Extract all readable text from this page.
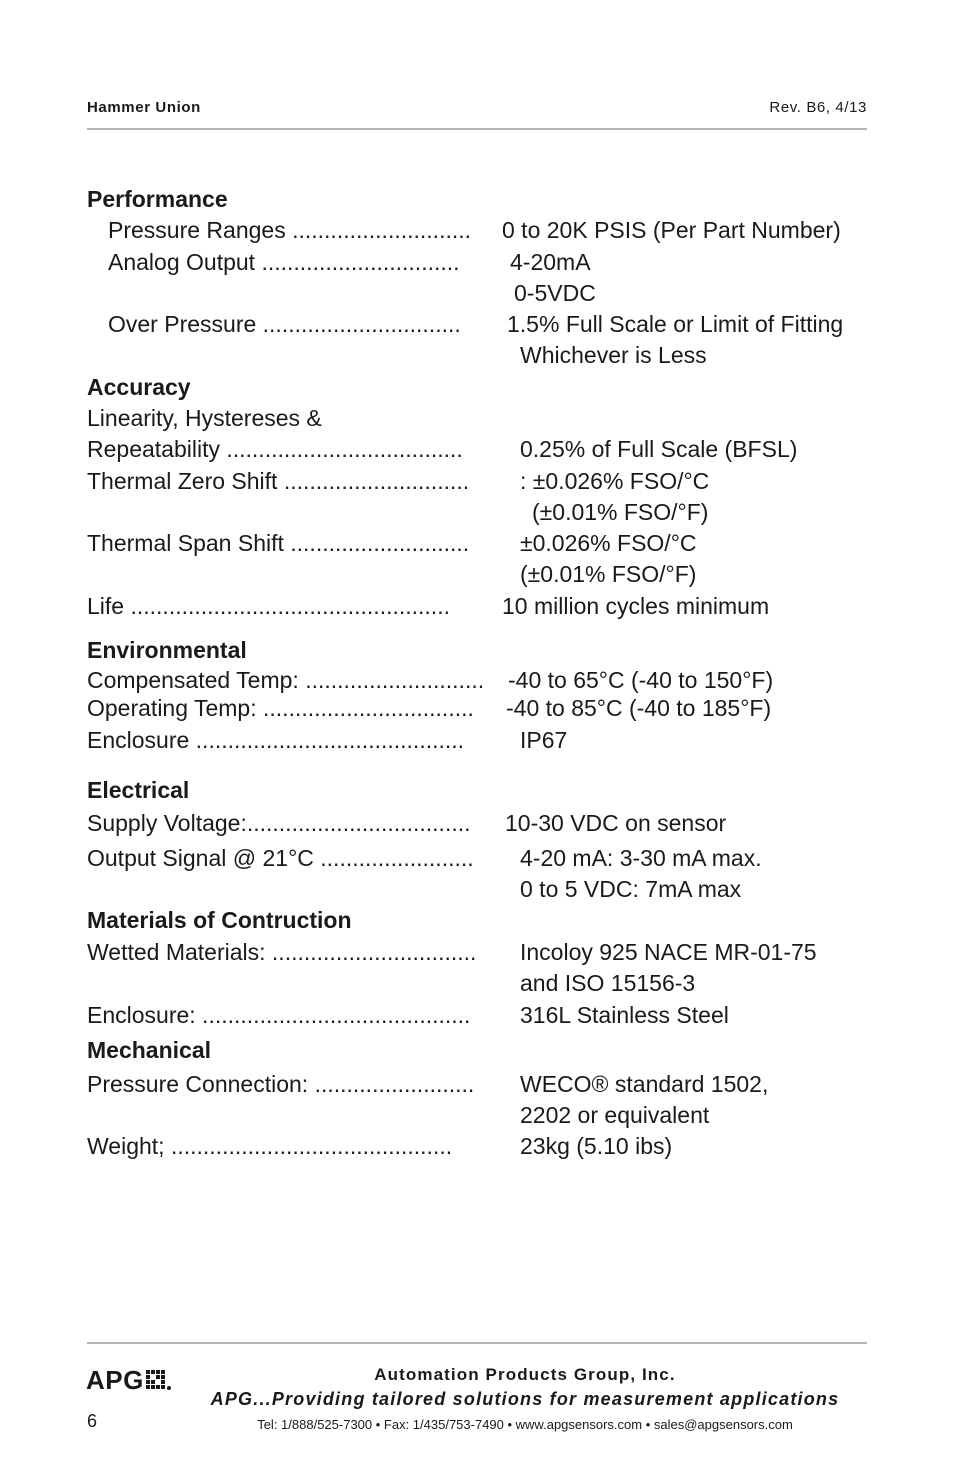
Hammer Union	Rev. B6, 4/13
Performance
Pressure Ranges ............................ 0 to 20K PSIS (Per Part Number)
Analog Output ............................... 4-20mA
0-5VDC
Over Pressure ............................... 1.5% Full Scale or Limit of Fitting
Whichever is Less
Accuracy
Linearity, Hystereses &
Repeatability ..................................... 0.25% of Full Scale (BFSL)
Thermal Zero Shift ............................. : ±0.026% FSO/°C
(±0.01% FSO/°F)
Thermal Span Shift ............................ ±0.026% FSO/°C
(±0.01% FSO/°F)
Life .................................................. 10 million cycles minimum
Environmental
Compensated Temp: ............................ -40 to 65°C (-40 to 150°F)
Operating Temp: ................................. -40 to 85°C (-40 to 185°F)
Enclosure .......................................... IP67
Electrical
Supply Voltage:................................... 10-30 VDC on sensor
Output Signal @ 21°C ........................ 4-20 mA: 3-30 mA max.
0 to 5 VDC: 7mA max
Materials of Contruction
Wetted Materials: ................................ Incoloy 925 NACE MR-01-75
and ISO 15156-3
Enclosure: .......................................... 316L Stainless Steel
Mechanical
Pressure Connection: ......................... WECO® standard 1502,
2202 or equivalent
Weight; ............................................	23kg (5.10 ibs)
APG	Automation Products Group, Inc.
APG...Providing tailored solutions for measurement applications
Tel: 1/888/525-7300 • Fax: 1/435/753-7490 • www.apgsensors.com • sales@apgsensors.com
6
